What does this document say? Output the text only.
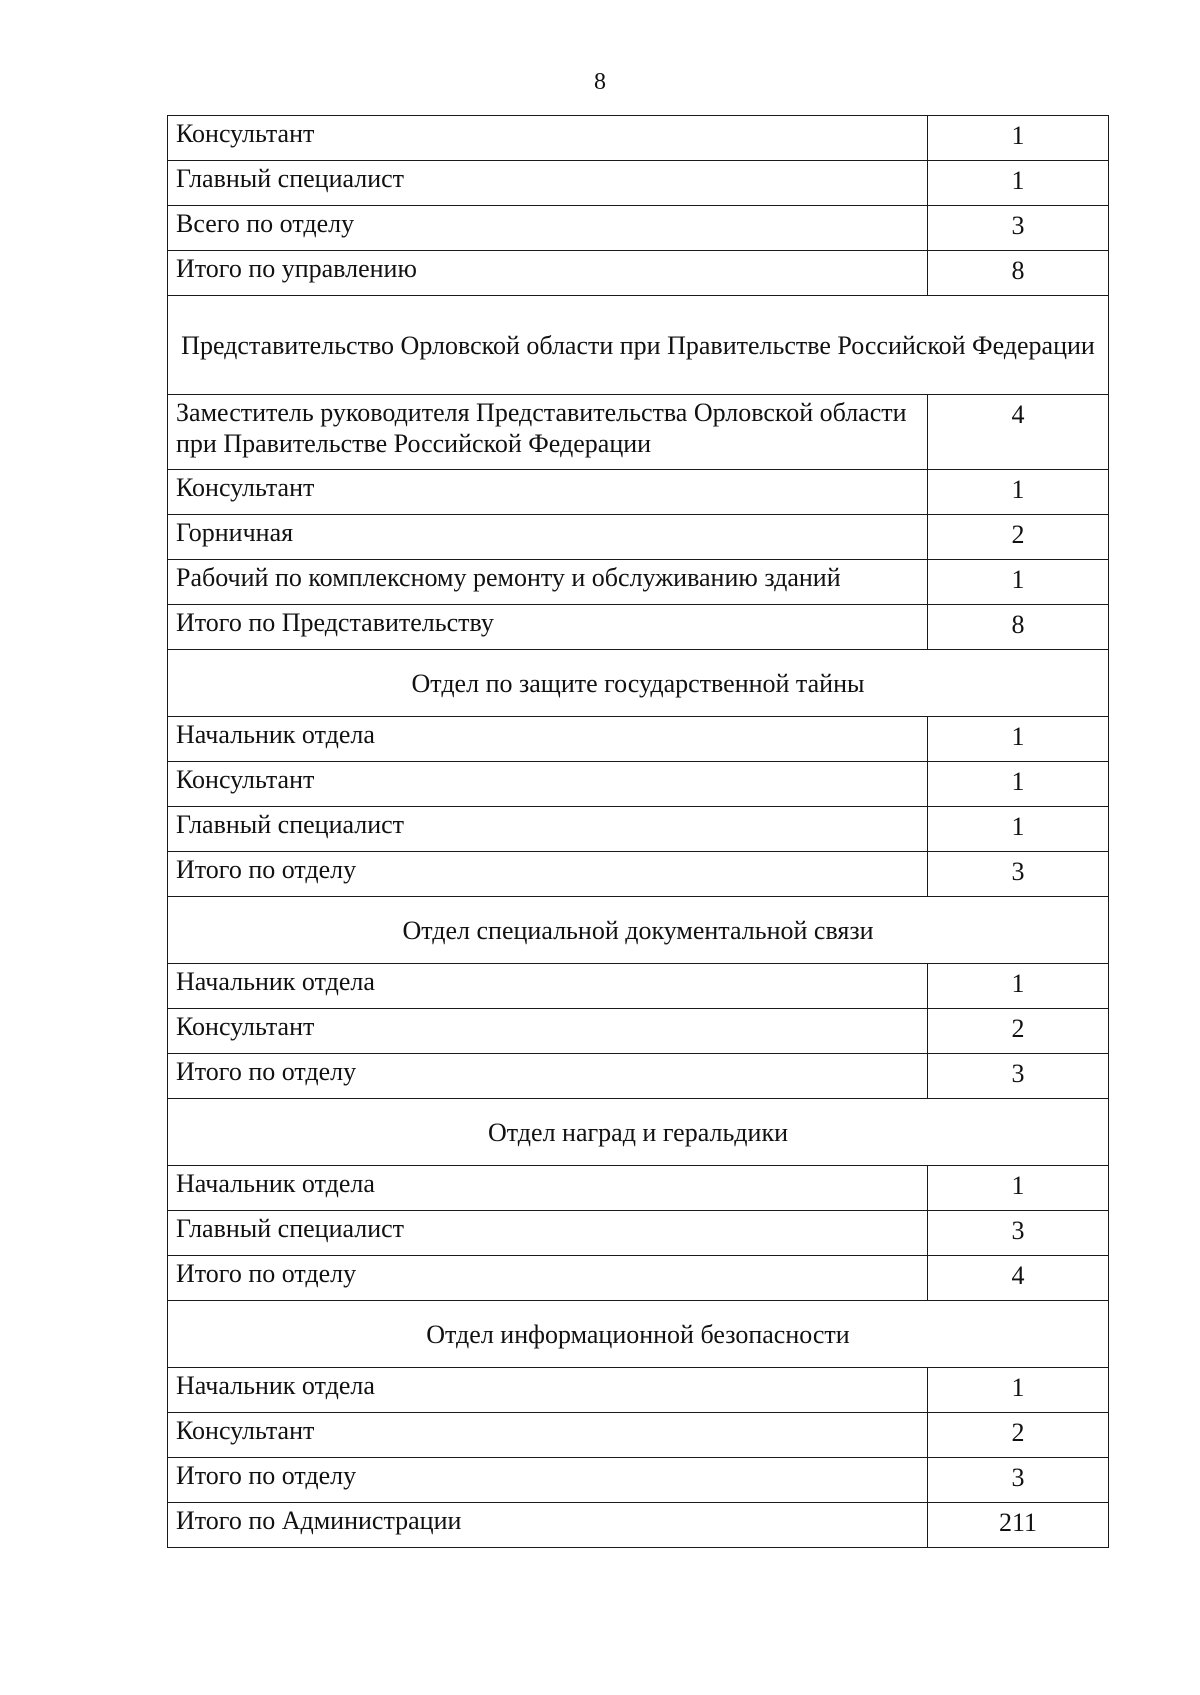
8
Консультант	1
Главный специалист	1
Всего по отделу	3
Итого по управлению	8
Представительство Орловской области при Правительстве Российской Федерации	
Заместитель руководителя Представительства Орловской области при Правительстве Российской Федерации	4
Консультант	1
Горничная	2
Рабочий по комплексному ремонту и обслуживанию зданий	1
Итого по Представительству	8
Отдел по защите государственной тайны	
Начальник отдела	1
Консультант	1
Главный специалист	1
Итого по отделу	3
Отдел специальной документальной связи	
Начальник отдела	1
Консультант	2
Итого по отделу	3
Отдел наград и геральдики	
Начальник отдела	1
Главный специалист	3
Итого по отделу	4
Отдел информационной безопасности	
Начальник отдела	1
Консультант	2
Итого по отделу	3
Итого по Администрации	211
